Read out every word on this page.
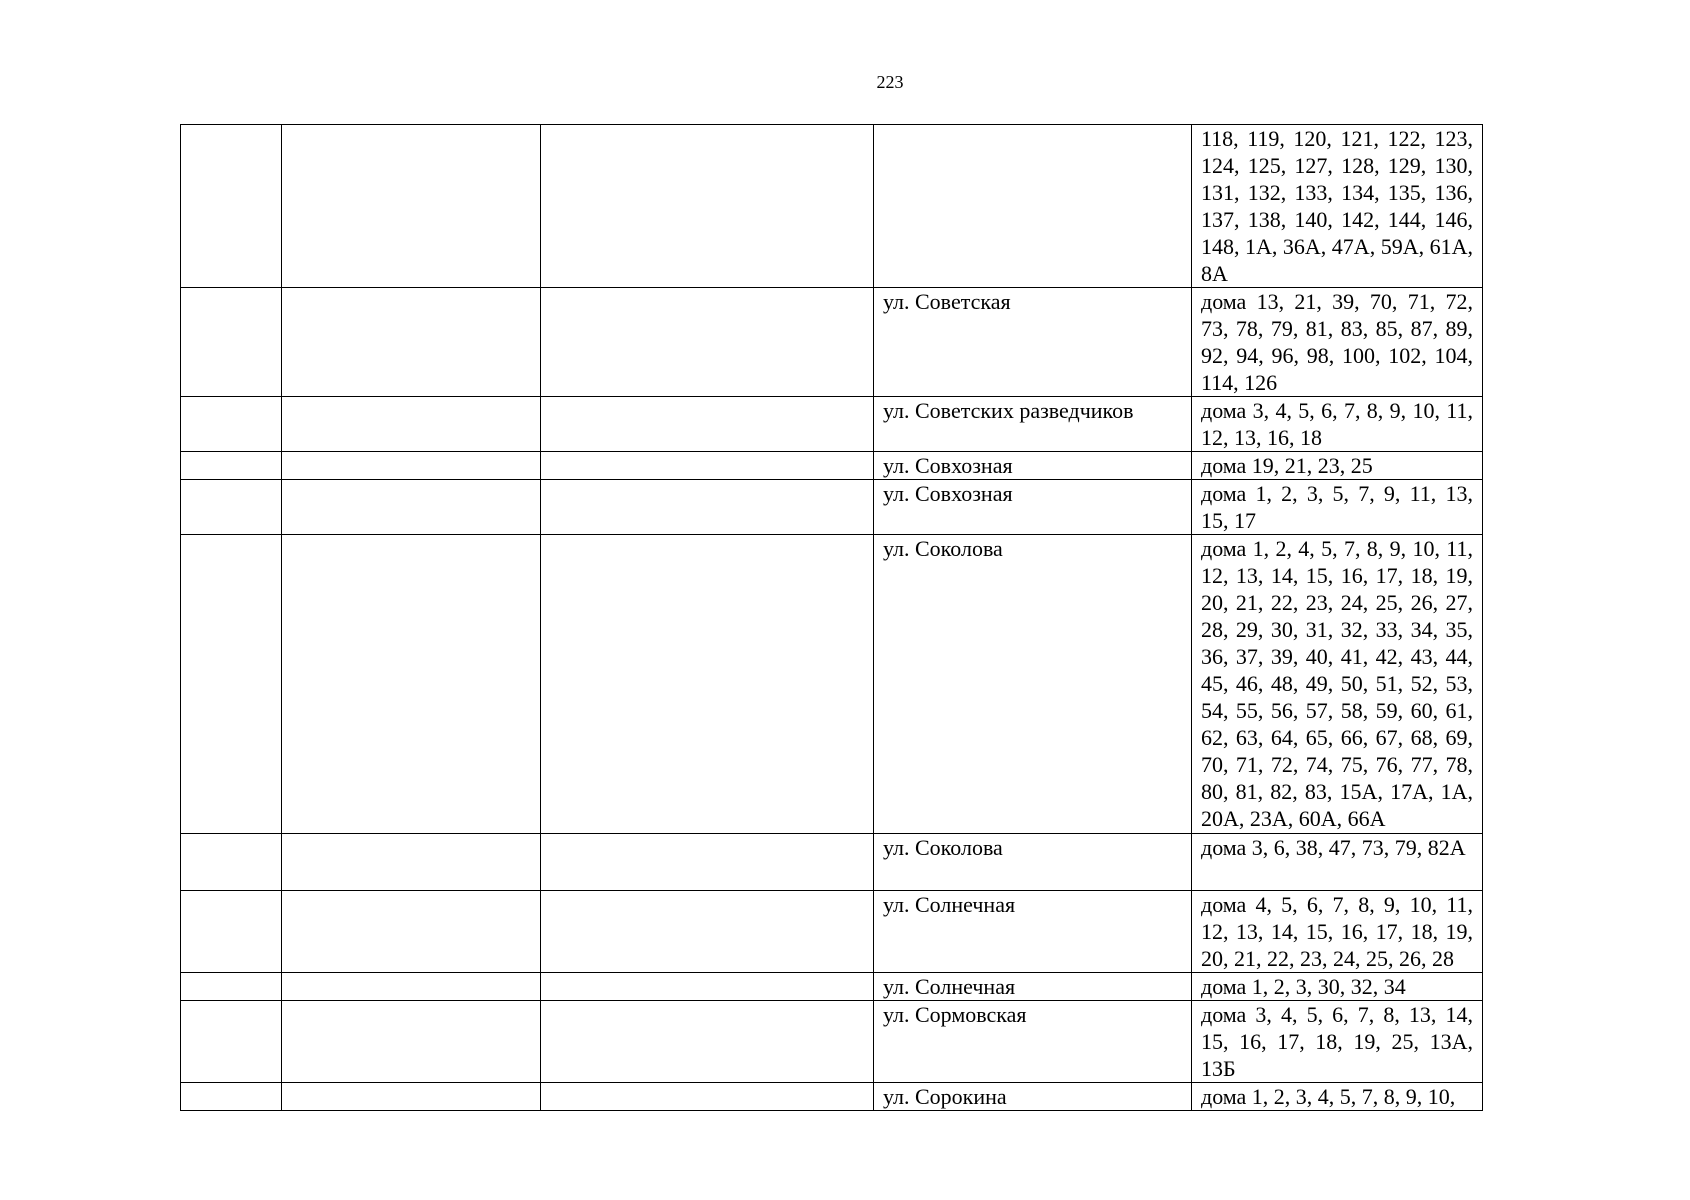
223
				118, 119, 120, 121, 122, 123, 124, 125, 127, 128, 129, 130, 131, 132, 133, 134, 135, 136, 137, 138, 140, 142, 144, 146, 148, 1А, 36А, 47А, 59А, 61А, 8А
			ул. Советская	дома 13, 21, 39, 70, 71, 72, 73, 78, 79, 81, 83, 85, 87, 89, 92, 94, 96, 98, 100, 102, 104, 114, 126
			ул. Советских разведчиков	дома 3, 4, 5, 6, 7, 8, 9, 10, 11, 12, 13, 16, 18
			ул. Совхозная	дома 19, 21, 23, 25
			ул. Совхозная	дома 1, 2, 3, 5, 7, 9, 11, 13, 15, 17
			ул. Соколова	дома 1, 2, 4, 5, 7, 8, 9, 10, 11, 12, 13, 14, 15, 16, 17, 18, 19, 20, 21, 22, 23, 24, 25, 26, 27, 28, 29, 30, 31, 32, 33, 34, 35, 36, 37, 39, 40, 41, 42, 43, 44, 45, 46, 48, 49, 50, 51, 52, 53, 54, 55, 56, 57, 58, 59, 60, 61, 62, 63, 64, 65, 66, 67, 68, 69, 70, 71, 72, 74, 75, 76, 77, 78, 80, 81, 82, 83, 15А, 17А, 1А, 20А, 23А, 60А, 66А
			ул. Соколова	дома 3, 6, 38, 47, 73, 79, 82А
			ул. Солнечная	дома 4, 5, 6, 7, 8, 9, 10, 11, 12, 13, 14, 15, 16, 17, 18, 19, 20, 21, 22, 23, 24, 25, 26, 28
			ул. Солнечная	дома 1, 2, 3, 30, 32, 34
			ул. Сормовская	дома 3, 4, 5, 6, 7, 8, 13, 14, 15, 16, 17, 18, 19, 25, 13А, 13Б
			ул. Сорокина	дома 1, 2, 3, 4, 5, 7, 8, 9, 10,
